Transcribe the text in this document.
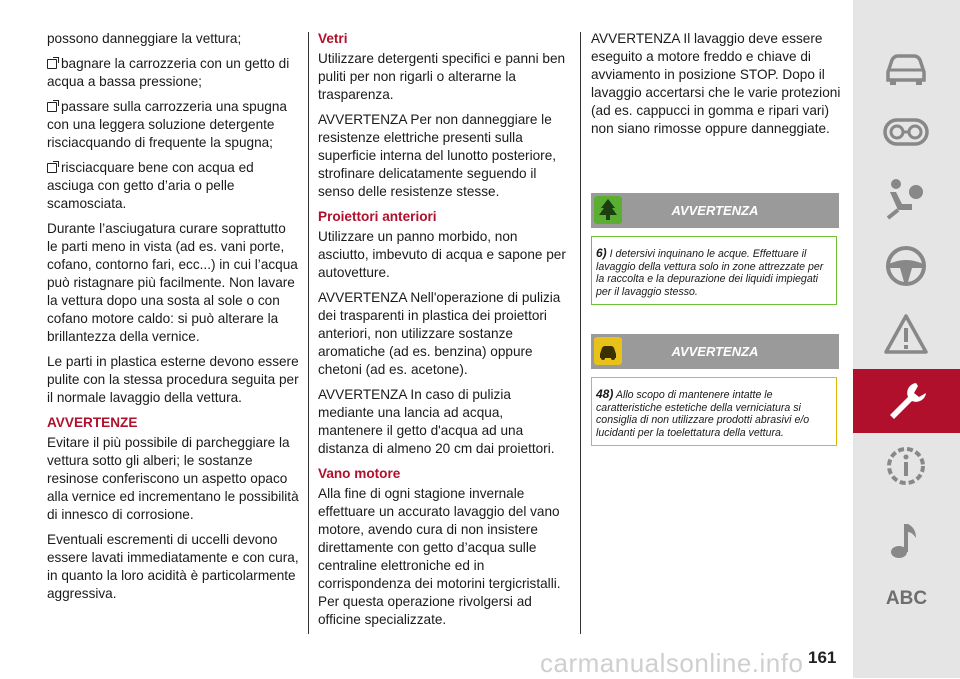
possono danneggiare la vettura;

bagnare la carrozzeria con un getto di acqua a bassa pressione;

passare sulla carrozzeria una spugna con una leggera soluzione detergente risciacquando di frequente la spugna;

risciacquare bene con acqua ed asciuga con getto d’aria o pelle scamosciata.

Durante l’asciugatura curare soprattutto le parti meno in vista (ad es. vani porte, cofano, contorno fari, ecc...) in cui l’acqua può ristagnare più facilmente. Non lavare la vettura dopo una sosta al sole o con cofano motore caldo: si può alterare la brillantezza della vernice.

Le parti in plastica esterne devono essere pulite con la stessa procedura seguita per il normale lavaggio della vettura.

AVVERTENZE

Evitare il più possibile di parcheggiare la vettura sotto gli alberi; le sostanze resinose conferiscono un aspetto opaco alla vernice ed incrementano le possibilità di innesco di corrosione.

Eventuali escrementi di uccelli devono essere lavati immediatamente e con cura, in quanto la loro acidità è particolarmente aggressiva.

Vetri

Utilizzare detergenti specifici e panni ben puliti per non rigarli o alterarne la trasparenza.

AVVERTENZA Per non danneggiare le resistenze elettriche presenti sulla superficie interna del lunotto posteriore, strofinare delicatamente seguendo il senso delle resistenze stesse.

Proiettori anteriori

Utilizzare un panno morbido, non asciutto, imbevuto di acqua e sapone per autovetture.

AVVERTENZA Nell'operazione di pulizia dei trasparenti in plastica dei proiettori anteriori, non utilizzare sostanze aromatiche (ad es. benzina) oppure chetoni (ad es. acetone).

AVVERTENZA In caso di pulizia mediante una lancia ad acqua, mantenere il getto d'acqua ad una distanza di almeno 20 cm dai proiettori.

Vano motore

Alla fine di ogni stagione invernale effettuare un accurato lavaggio del vano motore, avendo cura di non insistere direttamente con getto d’acqua sulle centraline elettroniche ed in corrispondenza dei motorini tergicristalli. Per questa operazione rivolgersi ad officine specializzate.

AVVERTENZA Il lavaggio deve essere eseguito a motore freddo e chiave di avviamento in posizione STOP. Dopo il lavaggio accertarsi che le varie protezioni (ad es. cappucci in gomma e ripari vari) non siano rimosse oppure danneggiate.

AVVERTENZA
6) I detersivi inquinano le acque. Effettuare il lavaggio della vettura solo in zone attrezzate per la raccolta e la depurazione dei liquidi impiegati per il lavaggio stesso.
AVVERTENZA
48) Allo scopo di mantenere intatte le caratteristiche estetiche della verniciatura si consiglia di non utilizzare prodotti abrasivi e/o lucidanti per la toelettatura della vettura.
ABC
carmanualsonline.info 161
